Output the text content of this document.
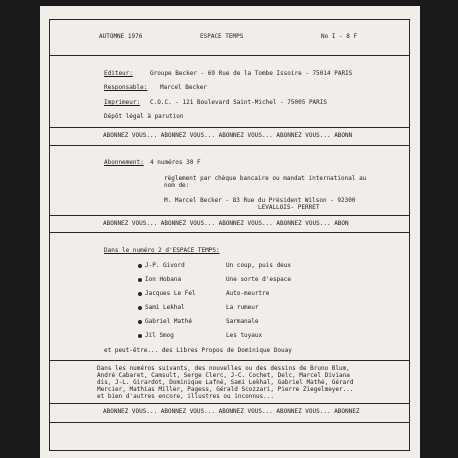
AUTOMNE 1976	ESPACE TEMPS	No I - 8 F
Editeur:	Groupe Becker - 69 Rue de la Tombe Issoire - 75014 PARIS
Responsable: Marcel Becker
Imprimeur: C.O.C. - 121 Boulevard Saint-Michel - 75005 PARIS
Dépôt légal à parution
ABONNEZ VOUS... ABONNEZ VOUS... ABONNEZ VOUS... ABONNEZ VOUS... ABONN
Abonnement: 4 numéros 30 F
règlement par chèque bancaire ou mandat international au
nom de:
M. Marcel Becker - 83 Rue du Président Wilson - 92300
LEVALLOIS- PERRET
ABONNEZ VOUS... ABONNEZ VOUS... ABONNEZ VOUS... ABONNEZ VOUS... ABON
Dans le numéro 2 d'ESPACE TEMPS:
J-P. Givord	Un coup, puis deux
Ion Hobana	Une sorte d'espace
Jacques Le Fel	Auto-meurtre
Sami Lekhal	La rumeur
Gabriel Mathé	Sarmanale
Jil Smog	Les tuyaux
et peut-être... des Libres Propos de Dominique Douay
Dans les numéros suivants, des nouvelles ou des dessins de Bruno Blum,
André Cabaret, Camsult, Serge Clerc, J-C. Cochet, Delc, Marcel Diviana
dis, J-L. Girardot, Dominique Lafné, Sami Lekhal, Gabriel Mathé, Gérard
Mercier, Mathias Miller, Pagess, Gérald Scozzari, Pierre Ziegelmeyer...
et bien d'autres encore, illustres ou inconnus...
ABONNEZ VOUS... ABONNEZ VOUS... ABONNEZ VOUS... ABONNEZ VOUS... ABONNEZ
